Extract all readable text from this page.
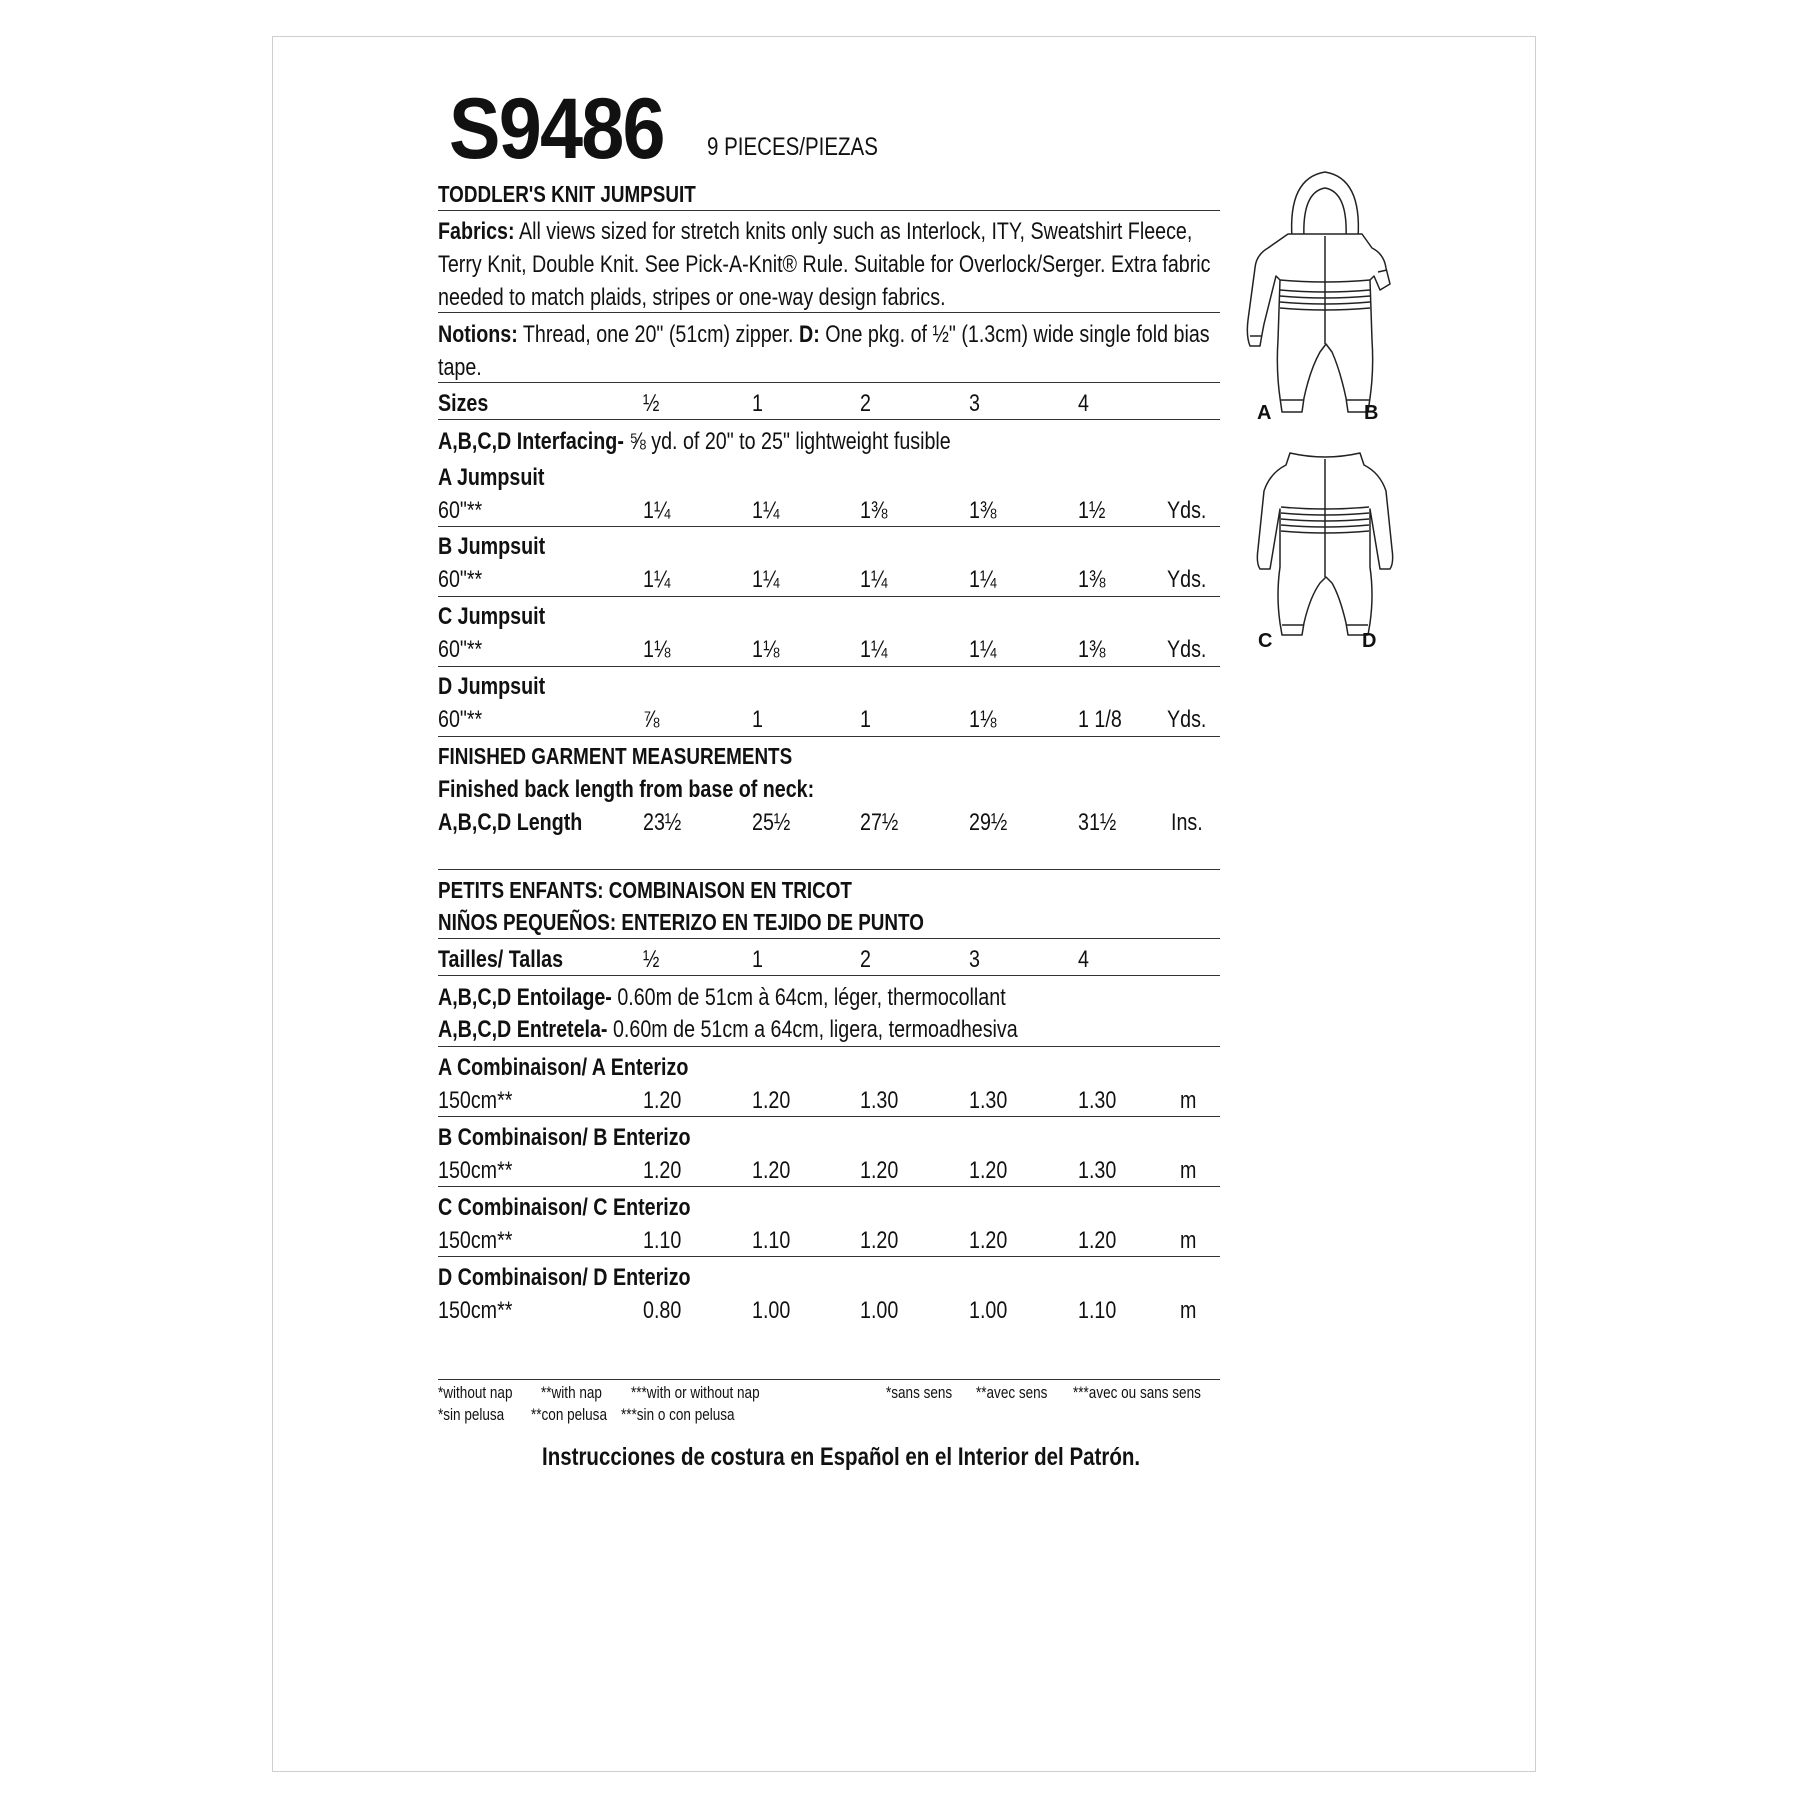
S9486 9 PIECES/PIEZAS
TODDLER'S KNIT JUMPSUIT
Fabrics: All views sized for stretch knits only such as Interlock, ITY, Sweatshirt Fleece,
Terry Knit, Double Knit. See Pick-A-Knit® Rule. Suitable for Overlock/Serger. Extra fabric
needed to match plaids, stripes or one-way design fabrics.
Notions: Thread, one 20" (51cm) zipper. D: One pkg. of ½" (1.3cm) wide single fold bias
tape.
Sizes	½	1	2	3	4
A,B,C,D Interfacing- ⅝ yd. of 20" to 25" lightweight fusible
A Jumpsuit
60"**	1¼	1¼	1⅜	1⅜	1½	Yds.
B Jumpsuit
60"**	1¼	1¼	1¼	1¼	1⅜	Yds.
C Jumpsuit
60"**	1⅛	1⅛	1¼	1¼	1⅜	Yds.
D Jumpsuit
60"**	⅞	1	1	1⅛	1 1/8 Yds.
FINISHED GARMENT MEASUREMENTS
Finished back length from base of neck:
A,B,C,D Length	23½	25½	27½	29½	31½ Ins.
PETITS ENFANTS: COMBINAISON EN TRICOT
NIÑOS PEQUEÑOS: ENTERIZO EN TEJIDO DE PUNTO
Tailles/ Tallas	½	1	2	3	4
A,B,C,D Entoilage- 0.60m de 51cm à 64cm, léger, thermocollant
A,B,C,D Entretela- 0.60m de 51cm a 64cm, ligera, termoadhesiva
A Combinaison/ A Enterizo
150cm**	1.20	1.20	1.30	1.30	1.30	m
B Combinaison/ B Enterizo
150cm**	1.20	1.20	1.20	1.20	1.30	m
C Combinaison/ C Enterizo
150cm**	1.10	1.10	1.20	1.20	1.20	m
D Combinaison/ D Enterizo
150cm**	0.80	1.00	1.00	1.00	1.10	m
*without nap **with nap ***with or without nap
*sin pelusa **con pelusa ***sin o con pelusa
*sans sens **avec sens ***avec ou sans sens
Instrucciones de costura en Español en el Interior del Patrón.
A	B
C	D
